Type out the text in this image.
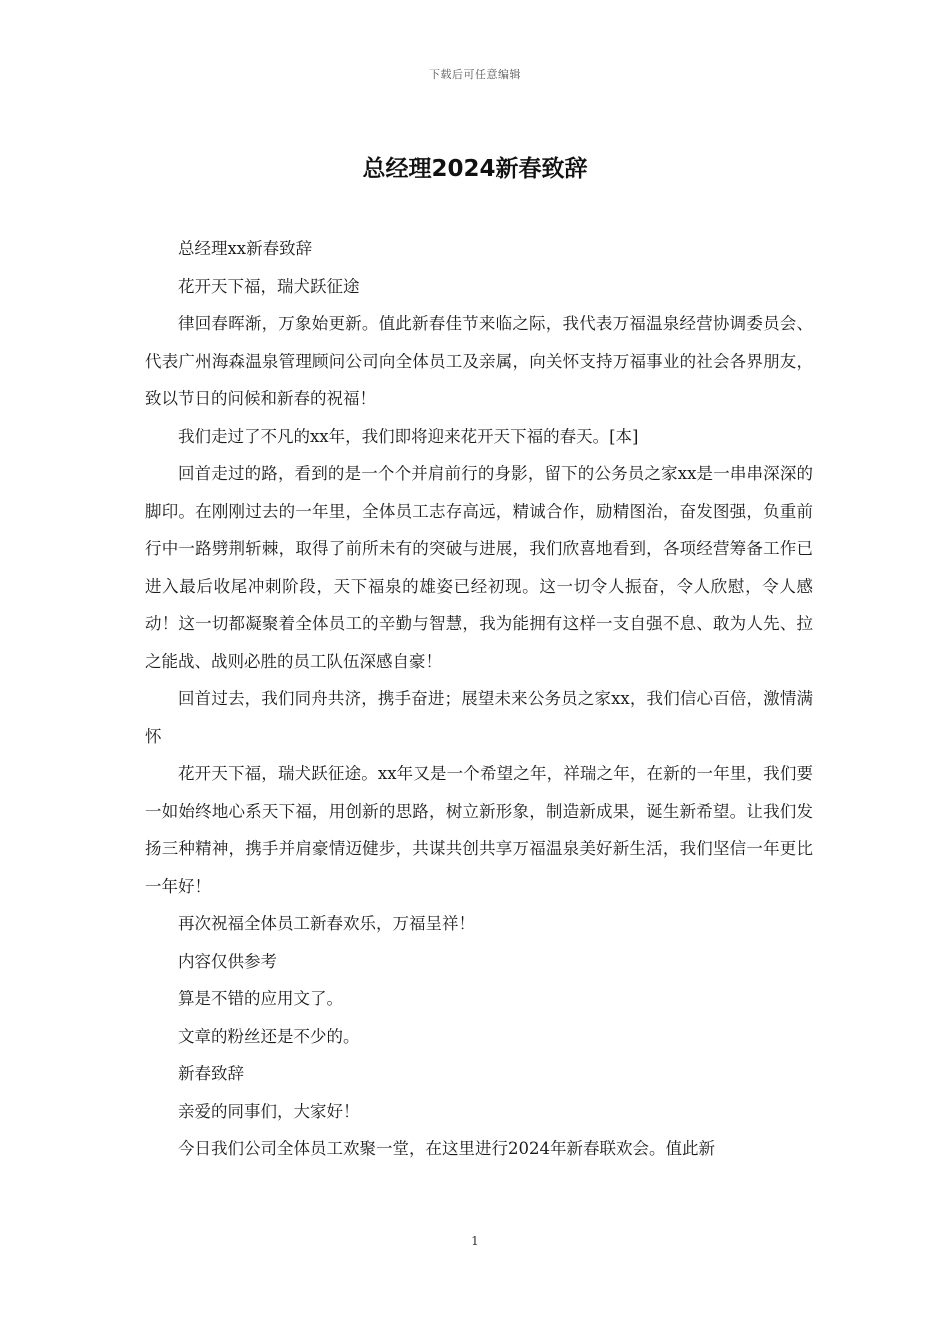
下载后可任意编辑
总经理2024新春致辞

总经理xx新春致辞

花开天下福，瑞犬跃征途

律回春晖渐，万象始更新。值此新春佳节来临之际，我代表万福温泉经营协调委员会、代表广州海森温泉管理顾问公司向全体员工及亲属，向关怀支持万福事业的社会各界朋友，致以节日的问候和新春的祝福！

我们走过了不凡的xx年，我们即将迎来花开天下福的春天。[本]

回首走过的路，看到的是一个个并肩前行的身影，留下的公务员之家xx是一串串深深的脚印。在刚刚过去的一年里，全体员工志存高远，精诚合作，励精图治，奋发图强，负重前行中一路劈荆斩棘，取得了前所未有的突破与进展，我们欣喜地看到，各项经营筹备工作已进入最后收尾冲刺阶段，天下福泉的雄姿已经初现。这一切令人振奋，令人欣慰，令人感动！这一切都凝聚着全体员工的辛勤与智慧，我为能拥有这样一支自强不息、敢为人先、拉之能战、战则必胜的员工队伍深感自豪！

回首过去，我们同舟共济，携手奋进；展望未来公务员之家xx，我们信心百倍，激情满怀

花开天下福，瑞犬跃征途。xx年又是一个希望之年，祥瑞之年，在新的一年里，我们要一如始终地心系天下福，用创新的思路，树立新形象，制造新成果，诞生新希望。让我们发扬三种精神，携手并肩豪情迈健步，共谋共创共享万福温泉美好新生活，我们坚信一年更比一年好！

再次祝福全体员工新春欢乐，万福呈祥！

内容仅供参考

算是不错的应用文了。

文章的粉丝还是不少的。

新春致辞

亲爱的同事们，大家好！

今日我们公司全体员工欢聚一堂，在这里进行2024年新春联欢会。值此新

1
